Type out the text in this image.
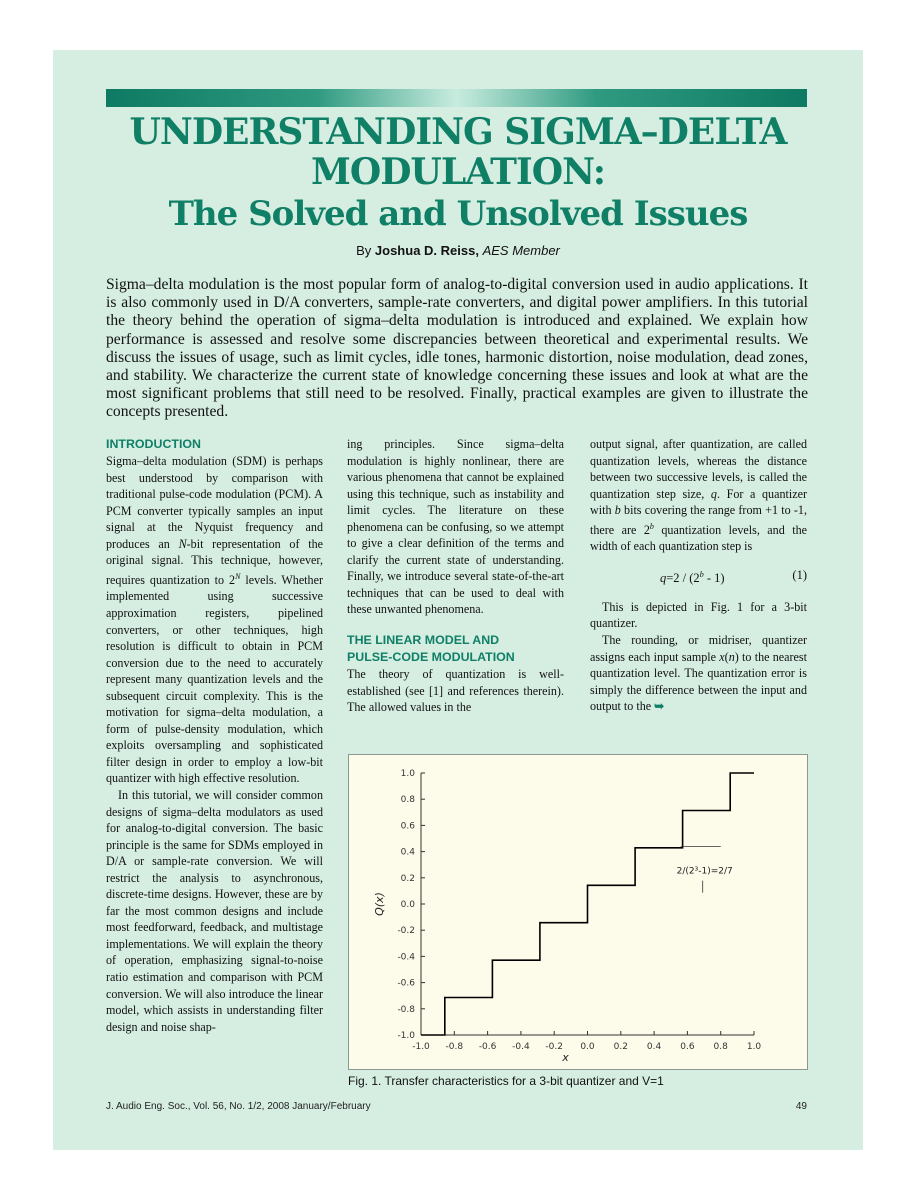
UNDERSTANDING SIGMA–DELTA
MODULATION:
The Solved and Unsolved Issues
By Joshua D. Reiss, AES Member
Sigma–delta modulation is the most popular form of analog-to-digital conversion used in audio applications. It is also commonly used in D/A converters, sample-rate converters, and digital power amplifiers. In this tutorial the theory behind the operation of sigma–delta modulation is introduced and explained. We explain how performance is assessed and resolve some discrepancies between theoretical and experimental results. We discuss the issues of usage, such as limit cycles, idle tones, harmonic distortion, noise modulation, dead zones, and stability. We characterize the current state of knowledge concerning these issues and look at what are the most significant problems that still need to be resolved. Finally, practical examples are given to illustrate the concepts presented.
INTRODUCTION

Sigma–delta modulation (SDM) is perhaps best understood by comparison with traditional pulse-code modulation (PCM). A PCM converter typically samples an input signal at the Nyquist frequency and produces an N-bit representation of the original signal. This technique, however, requires quantization to $2^N$ levels. Whether implemented using successive approximation registers, pipelined converters, or other techniques, high resolution is difficult to obtain in PCM conversion due to the need to accurately represent many quantization levels and the subsequent circuit complexity. This is the motivation for sigma–delta modulation, a form of pulse-density modulation, which exploits oversampling and sophisticated filter design in order to employ a low-bit quantizer with high effective resolution.

In this tutorial, we will consider common designs of sigma–delta modulators as used for analog-to-digital conversion. The basic principle is the same for SDMs employed in D/A or sample-rate conversion. We will restrict the analysis to asynchronous, discrete-time designs. However, these are by far the most common designs and include most feedforward, feedback, and multistage implementations. We will explain the theory of operation, emphasizing signal-to-noise ratio estimation and comparison with PCM conversion. We will also introduce the linear model, which assists in understanding filter design and noise shap-

ing principles. Since sigma–delta modulation is highly nonlinear, there are various phenomena that cannot be explained using this technique, such as instability and limit cycles. The literature on these phenomena can be confusing, so we attempt to give a clear definition of the terms and clarify the current state of understanding. Finally, we introduce several state-of-the-art techniques that can be used to deal with these unwanted phenomena.

THE LINEAR MODEL AND
PULSE-CODE MODULATION

The theory of quantization is well-established (see [1] and references therein). The allowed values in the

output signal, after quantization, are called quantization levels, whereas the distance between two successive levels, is called the quantization step size, q. For a quantizer with b bits covering the range from +1 to -1, there are 2$^b$ quantization levels, and the width of each quantization step is

q=2 / (2$^b$ - 1)	(1)

This is depicted in Fig. 1 for a 3-bit quantizer.

The rounding, or midriser, quantizer assigns each input sample x(n) to the nearest quantization level. The quantization error is simply the difference between the input and output to the ➥

-1.0 -0.8 -0.6 -0.4 -0.2 0.0 0.2 0.4 0.6 0.8 1.0
1.0
0.8
0.6
0.4
0.2
0.0
-0.2
-0.4
-0.6
-0.8
-1.0
x
Q(x)
2/(2³-1)=2/7
Fig. 1. Transfer characteristics for a 3-bit quantizer and V=1
J. Audio Eng. Soc., Vol. 56, No. 1/2, 2008 January/February	49
